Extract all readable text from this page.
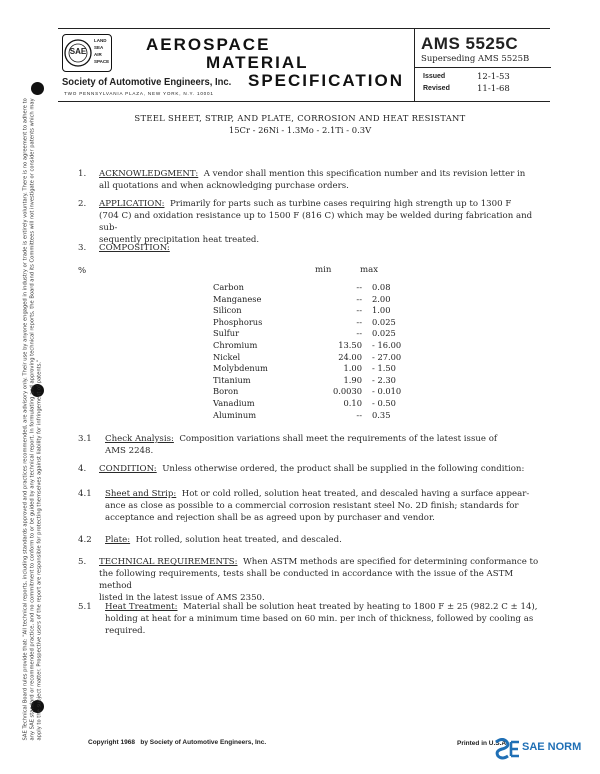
SAE Technical Board rules provide that: "All technical reports, including standards approved and practices recommended, are advisory only. Their use by anyone engaged in industry or trade is entirely voluntary. There is no agreement to adhere to any SAE standard or recommended practice, and no commitment to conform to or be guided by any technical report. In formulating and approving technical reports, the Board and its Committees will not investigate or consider patents which may apply to the subject matter. Prospective users of the report are responsible for protecting themselves against liability for infringement of patents."
SAE
LAND
SEA
AIR
SPACE
AEROSPACE
MATERIAL
SPECIFICATION
Society of Automotive Engineers, Inc.
TWO PENNSYLVANIA PLAZA, NEW YORK, N.Y. 10001
AMS 5525C
Superseding AMS 5525B
Issued	12-1-53
Revised	11-1-68
STEEL SHEET, STRIP, AND PLATE, CORROSION AND HEAT RESISTANT
15Cr - 26Ni - 1.3Mo - 2.1Ti - 0.3V
1.	ACKNOWLEDGMENT: A vendor shall mention this specification number and its revision letter in
all quotations and when acknowledging purchase orders.
2.	APPLICATION: Primarily for parts such as turbine cases requiring high strength up to 1300 F
(704 C) and oxidation resistance up to 1500 F (816 C) which may be welded during fabrication and sub-
sequently precipitation heat treated.
3.	COMPOSITION:
%	min	max
Carbon	--	0.08
Manganese	--	2.00
Silicon	--	1.00
Phosphorus	--	0.025
Sulfur	--	0.025
Chromium	13.50	- 16.00
Nickel	24.00	- 27.00
Molybdenum	1.00	- 1.50
Titanium	1.90	- 2.30
Boron	0.0030	- 0.010
Vanadium	0.10	- 0.50
Aluminum	--	0.35
3.1	Check Analysis: Composition variations shall meet the requirements of the latest issue of
AMS 2248.
4.	CONDITION: Unless otherwise ordered, the product shall be supplied in the following condition:
4.1	Sheet and Strip: Hot or cold rolled, solution heat treated, and descaled having a surface appear-
ance as close as possible to a commercial corrosion resistant steel No. 2D finish; standards for
acceptance and rejection shall be as agreed upon by purchaser and vendor.
4.2	Plate: Hot rolled, solution heat treated, and descaled.
5.	TECHNICAL REQUIREMENTS: When ASTM methods are specified for determining conformance to
the following requirements, tests shall be conducted in accordance with the issue of the ASTM method
listed in the latest issue of AMS 2350.
5.1	Heat Treatment: Material shall be solution heat treated by heating to 1800 F ± 25 (982.2 C ± 14),
holding at heat for a minimum time based on 60 min. per inch of thickness, followed by cooling as
required.
Copyright 1968 by Society of Automotive Engineers, Inc.	Printed in U.S.A. SAE NORM
